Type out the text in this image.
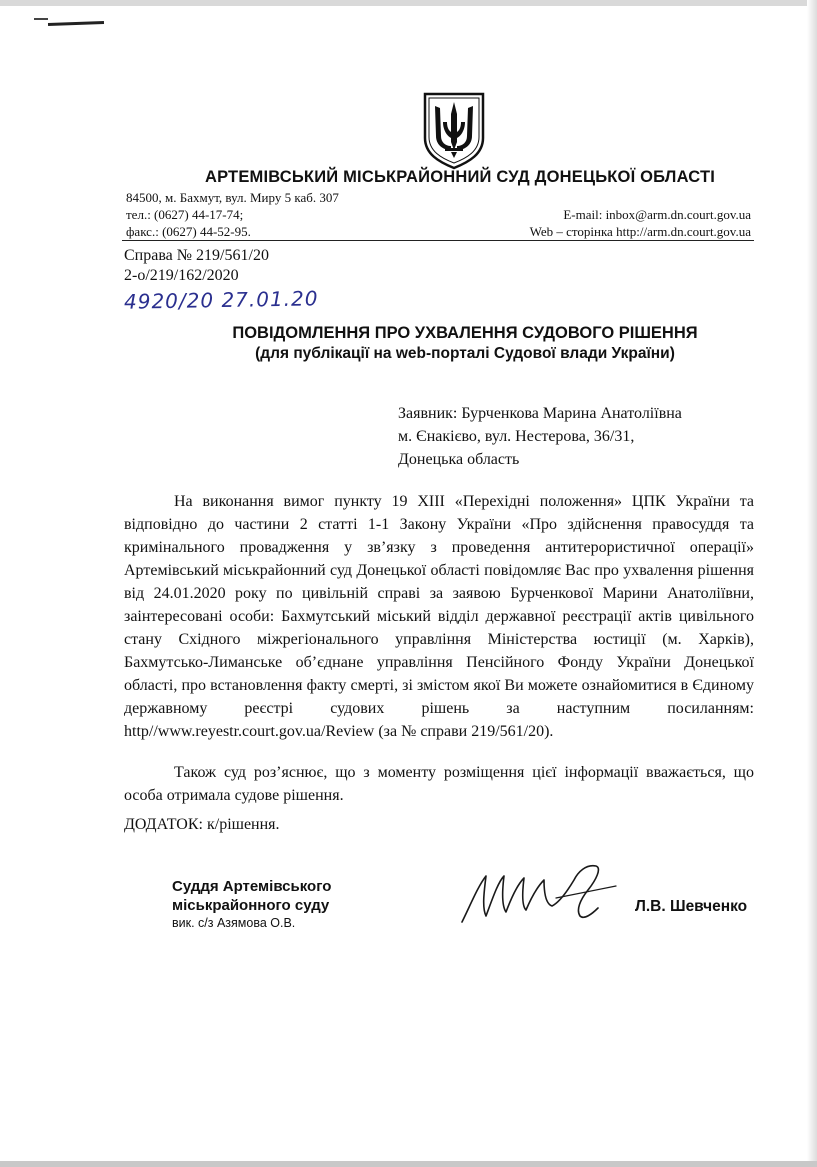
АРТЕМІВСЬКИЙ МІСЬКРАЙОННИЙ СУД ДОНЕЦЬКОЇ ОБЛАСТІ
84500, м. Бахмут, вул. Миру 5 каб. 307
тел.: (0627) 44-17-74;
факс.: (0627) 44-52-95.
E-mail: inbox@arm.dn.court.gov.ua
Web – сторінка http://arm.dn.court.gov.ua
Справа № 219/561/20
2-о/219/162/2020
4920/20 27.01.20
ПОВІДОМЛЕННЯ ПРО УХВАЛЕННЯ СУДОВОГО РІШЕННЯ
(для публікації на web-порталі Судової влади України)
Заявник: Бурченкова Марина Анатоліївна
м. Єнакієво, вул. Нестерова, 36/31,
Донецька область

На виконання вимог пункту 19 ХІІІ «Перехідні положення» ЦПК України та відповідно до частини 2 статті 1-1 Закону України «Про здійснення правосуддя та кримінального провадження у зв’язку з проведення антитерористичної операції» Артемівський міськрайонний суд Донецької області повідомляє Вас про ухвалення рішення від 24.01.2020 року по цивільній справі за заявою Бурченкової Марини Анатоліївни, заінтересовані особи: Бахмутський міський відділ державної реєстрації актів цивільного стану Східного міжрегіонального управління Міністерства юстиції (м. Харків), Бахмутсько-Лиманське об’єднане управління Пенсійного Фонду України Донецької області, про встановлення факту смерті, зі змістом якої Ви можете ознайомитися в Єдиному державному реєстрі судових рішень за наступним посиланням: http//www.reyestr.court.gov.ua/Review (за № справи 219/561/20).

Також суд роз’яснює, що з моменту розміщення цієї інформації вважається, що особа отримала судове рішення.

ДОДАТОК: к/рішення.
Суддя Артемівського
міськрайонного суду
вик. с/з Азямова О.В.
Л.В. Шевченко
